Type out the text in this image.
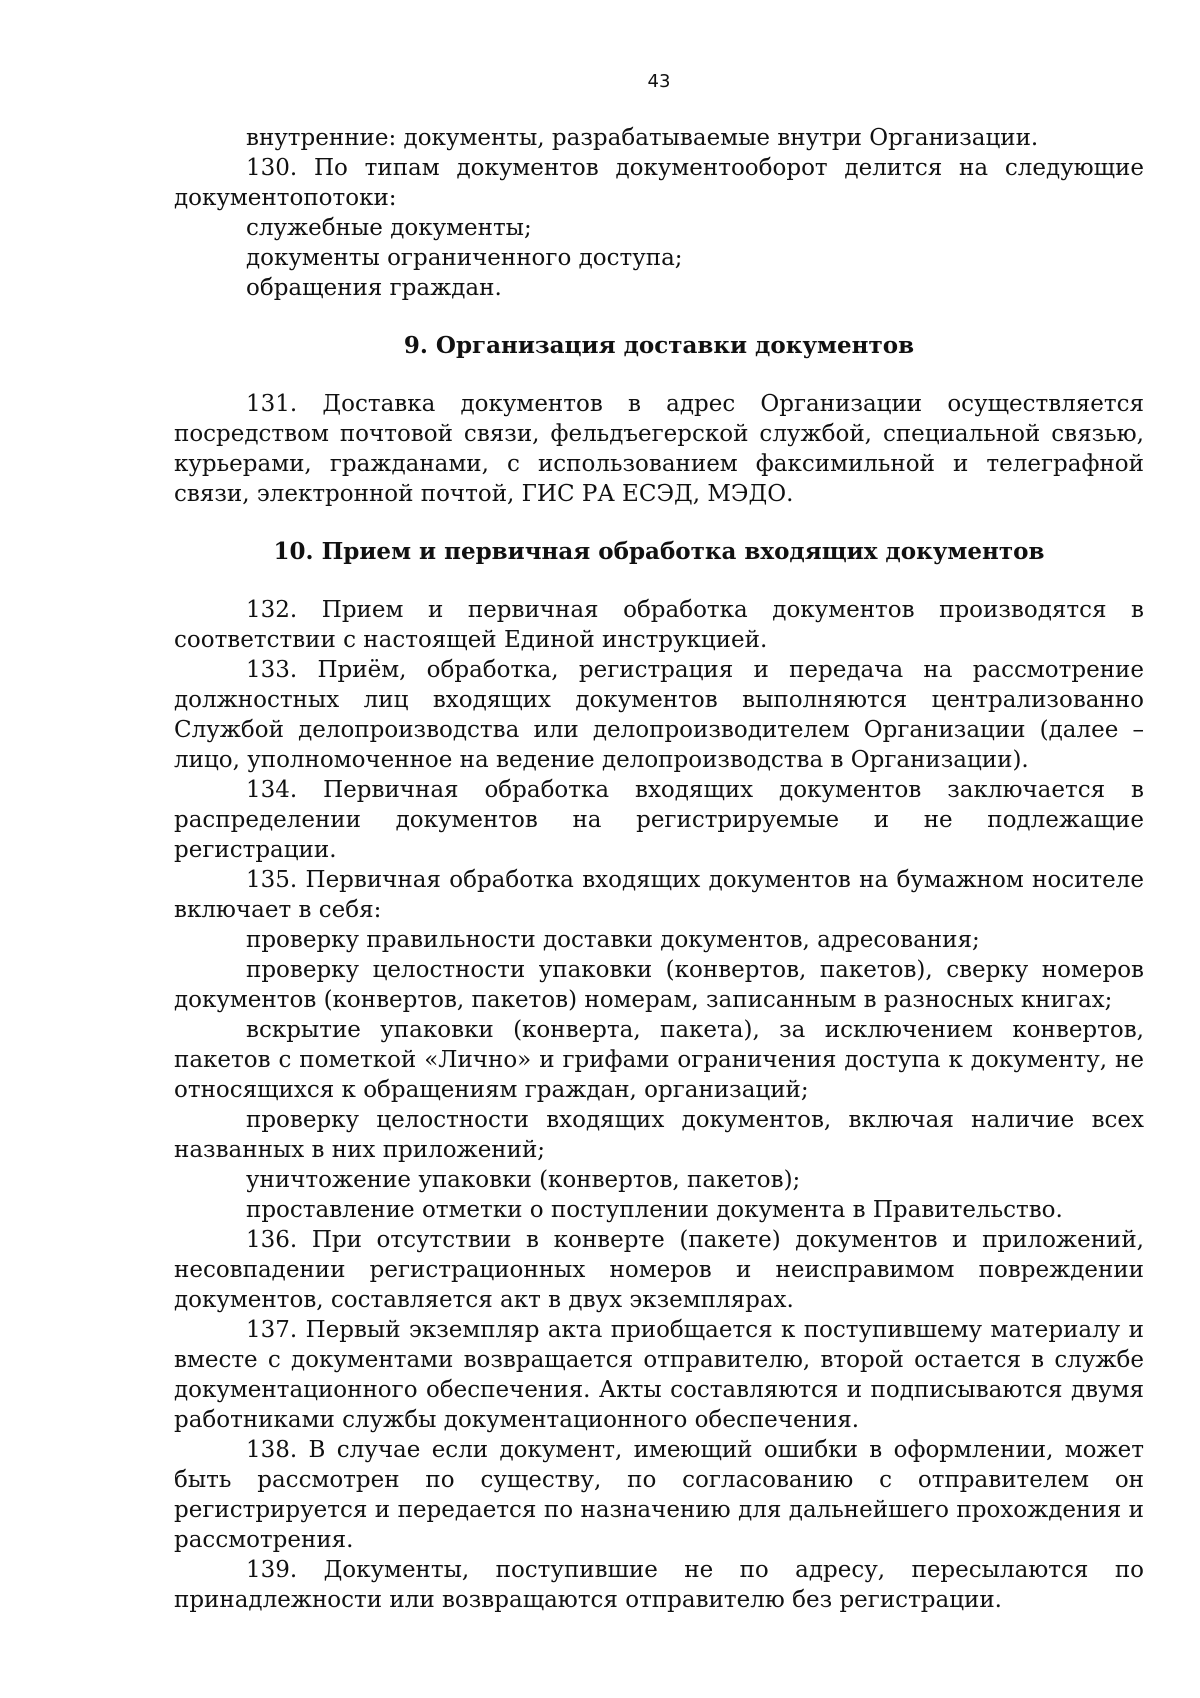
43

внутренние: документы, разрабатываемые внутри Организации.

130. По типам документов документооборот делится на следующие документопотоки:

служебные документы;

документы ограниченного доступа;

обращения граждан.

9. Организация доставки документов

131. Доставка документов в адрес Организации осуществляется посредством почтовой связи, фельдъегерской службой, специальной связью, курьерами, гражданами, с использованием факсимильной и телеграфной связи, электронной почтой, ГИС РА ЕСЭД, МЭДО.

10. Прием и первичная обработка входящих документов

132. Прием и первичная обработка документов производятся в соответствии с настоящей Единой инструкцией.

133. Приём, обработка, регистрация и передача на рассмотрение должностных лиц входящих документов выполняются централизованно Службой делопроизводства или делопроизводителем Организации (далее – лицо, уполномоченное на ведение делопроизводства в Организации).

134. Первичная обработка входящих документов заключается в распределении документов на регистрируемые и не подлежащие регистрации.

135. Первичная обработка входящих документов на бумажном носителе включает в себя:

проверку правильности доставки документов, адресования;

проверку целостности упаковки (конвертов, пакетов), сверку номеров документов (конвертов, пакетов) номерам, записанным в разносных книгах;

вскрытие упаковки (конверта, пакета), за исключением конвертов, пакетов с пометкой «Лично» и грифами ограничения доступа к документу, не относящихся к обращениям граждан, организаций;

проверку целостности входящих документов, включая наличие всех названных в них приложений;

уничтожение упаковки (конвертов, пакетов);

проставление отметки о поступлении документа в Правительство.

136. При отсутствии в конверте (пакете) документов и приложений, несовпадении регистрационных номеров и неисправимом повреждении документов, составляется акт в двух экземплярах.

137. Первый экземпляр акта приобщается к поступившему материалу и вместе с документами возвращается отправителю, второй остается в службе документационного обеспечения. Акты составляются и подписываются двумя работниками службы документационного обеспечения.

138. В случае если документ, имеющий ошибки в оформлении, может быть рассмотрен по существу, по согласованию с отправителем он регистрируется и передается по назначению для дальнейшего прохождения и рассмотрения.

139. Документы, поступившие не по адресу, пересылаются по принадлежности или возвращаются отправителю без регистрации.
